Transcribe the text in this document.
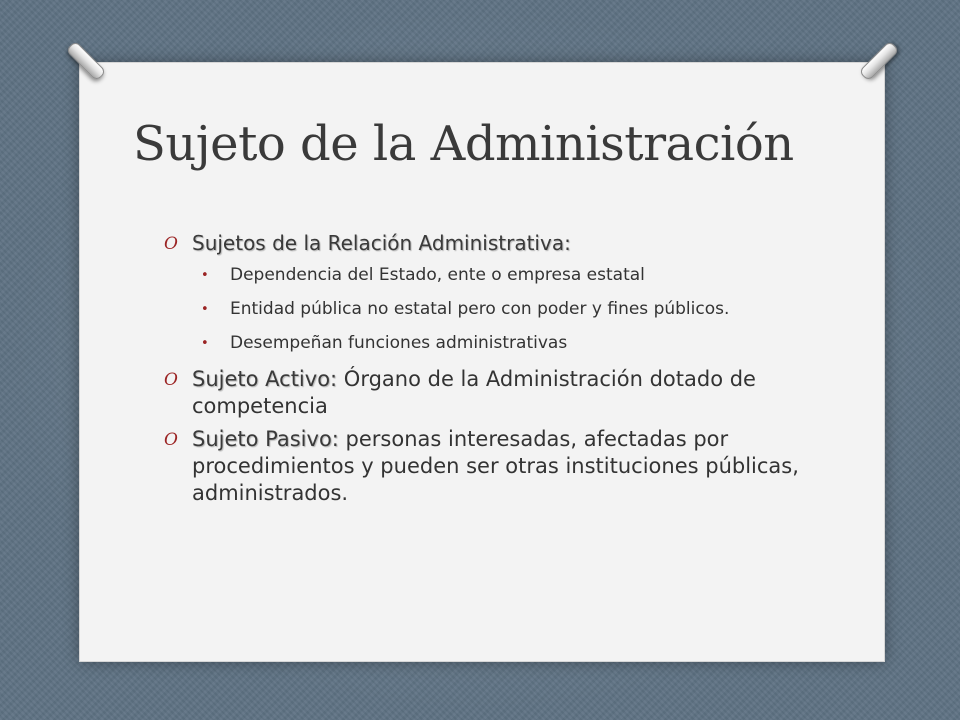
Sujeto de la Administración
O Sujetos de la Relación Administrativa:
• Dependencia del Estado, ente o empresa estatal
• Entidad pública no estatal pero con poder y fines públicos.
• Desempeñan funciones administrativas
O Sujeto Activo: Órgano de la Administración dotado de competencia
O Sujeto Pasivo: personas interesadas, afectadas por procedimientos y pueden ser otras instituciones públicas, administrados.
